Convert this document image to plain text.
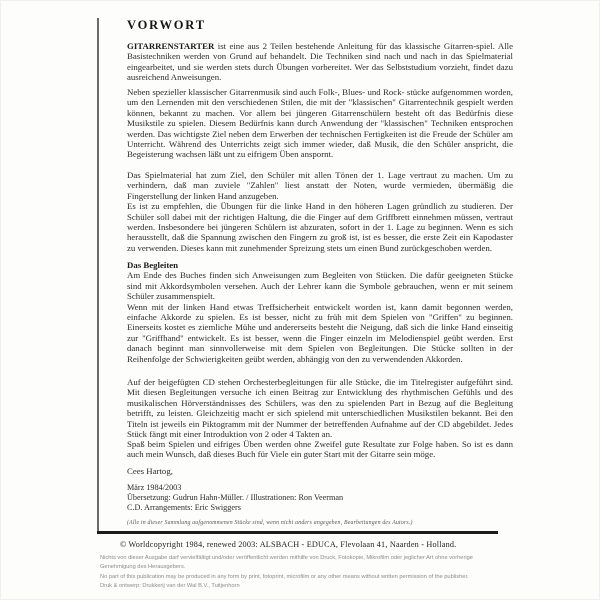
VORWORT

GITARRENSTARTER ist eine aus 2 Teilen bestehende Anleitung für das klassische Gitarren-spiel. Alle Basistechniken werden von Grund auf behandelt. Die Techniken sind nach und nach in das Spielmaterial eingearbeitet, und sie werden stets durch Übungen vorbereitet. Wer das Selbststudium vorzieht, findet dazu ausreichend Anweisungen.

Neben spezieller klassischer Gitarrenmusik sind auch Folk-, Blues- und Rock- stücke aufgenommen worden, um den Lernenden mit den verschiedenen Stilen, die mit der "klassischen" Gitarrentechnik gespielt werden können, bekannt zu machen. Vor allem bei jüngeren Gitarrenschülern besteht oft das Bedürfnis diese Musikstile zu spielen. Diesem Bedürfnis kann durch Anwendung der "klassischen" Techniken entsprochen werden. Das wichtigste Ziel neben dem Erwerben der technischen Fertigkeiten ist die Freude der Schüler am Unterricht. Während des Unterrichts zeigt sich immer wieder, daß Musik, die den Schüler anspricht, die Begeisterung wachsen läßt unt zu eifrigem Üben anspornt.

Das Spielmaterial hat zum Ziel, den Schüler mit allen Tönen der 1. Lage vertraut zu machen. Um zu verhindern, daß man zuviele "Zahlen" liest anstatt der Noten, wurde vermieden, übermäßig die Fingerstellung der linken Hand anzugeben.

Es ist zu empfehlen, die Übungen für die linke Hand in den höheren Lagen gründlich zu studieren. Der Schüler soll dabei mit der richtigen Haltung, die die Finger auf dem Griffbrett einnehmen müssen, vertraut werden. Insbesondere bei jüngeren Schülern ist abzuraten, sofort in der 1. Lage zu beginnen. Wenn es sich herausstellt, daß die Spannung zwischen den Fingern zu groß ist, ist es besser, die erste Zeit ein Kapodaster zu verwenden. Dieses kann mit zunehmender Spreizung stets um einen Bund zurückgeschoben werden.

Das Begleiten

Am Ende des Buches finden sich Anweisungen zum Begleiten von Stücken. Die dafür geeigneten Stücke sind mit Akkordsymbolen versehen. Auch der Lehrer kann die Symbole gebrauchen, wenn er mit seinem Schüler zusammenspielt.

Wenn mit der linken Hand etwas Treffsicherheit entwickelt worden ist, kann damit begonnen werden, einfache Akkorde zu spielen. Es ist besser, nicht zu früh mit dem Spielen von "Griffen" zu beginnen. Einerseits kostet es ziemliche Mühe und andererseits besteht die Neigung, daß sich die linke Hand einseitig zur "Griffhand" entwickelt. Es ist besser, wenn die Finger einzeln im Melodienspiel geübt werden. Erst danach beginnt man sinnvollerweise mit dem Spielen von Begleitungen. Die Stücke sollten in der Reihenfolge der Schwierigkeiten geübt werden, abhängig von den zu verwendenden Akkorden.

Auf der beigefügten CD stehen Orchesterbegleitungen für alle Stücke, die im Titelregister aufgeführt sind. Mit diesen Begleitungen versuche ich einen Beitrag zur Entwicklung des rhythmischen Gefühls und des musikalischen Hörverständnisses des Schülers, was den zu spielenden Part in Bezug auf die Begleitung betrifft, zu leisten. Gleichzeitig macht er sich spielend mit unterschiedlichen Musikstilen bekannt. Bei den Titeln ist jeweils ein Piktogramm mit der Nummer der betreffenden Aufnahme auf der CD abgebildet. Jedes Stück fängt mit einer Introduktion von 2 oder 4 Takten an.

Spaß beim Spielen und eifriges Üben werden ohne Zweifel gute Resultate zur Folge haben. So ist es dann auch mein Wunsch, daß dieses Buch für Viele ein guter Start mit der Gitarre sein möge.

Cees Hartog,
März 1984/2003
Übersetzung: Gudrun Hahn-Müller. / Illustrationen: Ron Veerman
C.D. Arrangements: Eric Swiggers
(Alle in dieser Sammlung aufgenommenen Stücke sind, wenn nicht anders angegeben, Bearbeitungen des Autors.)
© Worldcopyright 1984, renewed 2003: ALSBACH - EDUCA, Flevolaan 41, Naarden - Holland.
Nichts von dieser Ausgabe darf vervielfältigt und/oder veröffentlicht werden mithilfe von Druck, Fotokopie, Mikrofilm oder jeglicher Art ohne vorherige Genehmigung des Herausgebers.
No part of this publication may be produced in any form by print, fotoprint, microfilm or any other means without written permission of the publisher.
Druk & ontwerp: Drukkerij van der Wal B.V., Tuitjenhorn
